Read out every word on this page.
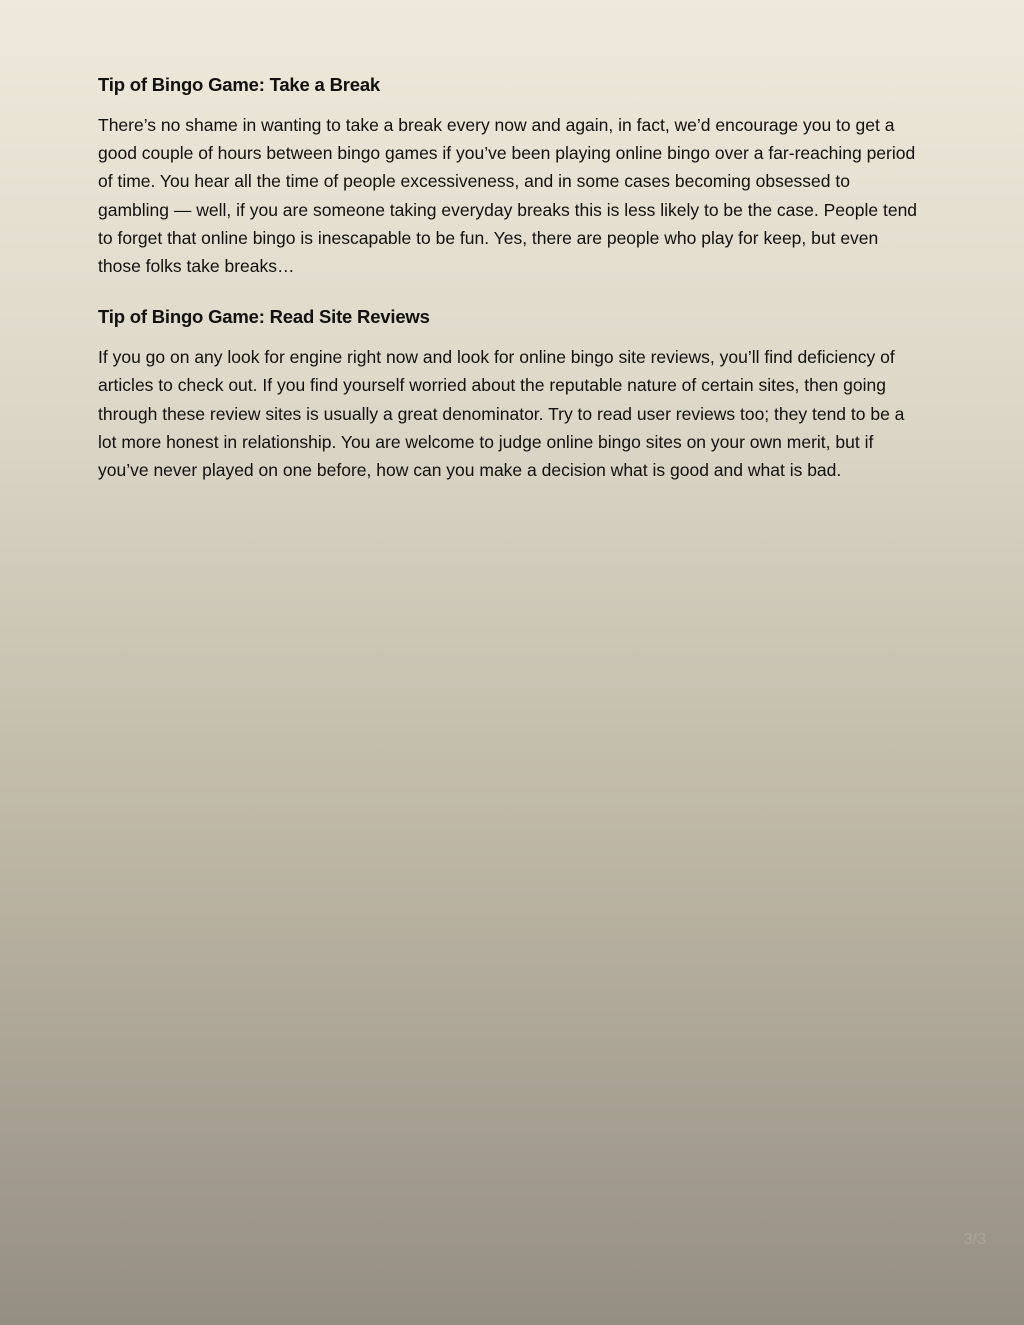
Tip of Bingo Game: Take a Break

There’s no shame in wanting to take a break every now and again, in fact, we’d encourage you to get a good couple of hours between bingo games if you’ve been playing online bingo over a far-reaching period of time. You hear all the time of people excessiveness, and in some cases becoming obsessed to gambling — well, if you are someone taking everyday breaks this is less likely to be the case. People tend to forget that online bingo is inescapable to be fun. Yes, there are people who play for keep, but even those folks take breaks…

Tip of Bingo Game: Read Site Reviews

If you go on any look for engine right now and look for online bingo site reviews, you’ll find deficiency of articles to check out. If you find yourself worried about the reputable nature of certain sites, then going through these review sites is usually a great denominator. Try to read user reviews too; they tend to be a lot more honest in relationship. You are welcome to judge online bingo sites on your own merit, but if you’ve never played on one before, how can you make a decision what is good and what is bad.

3/3
